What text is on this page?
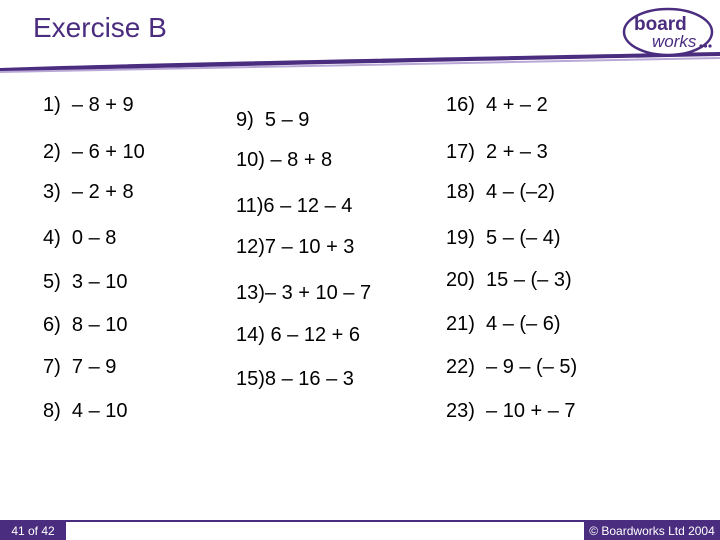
Exercise B	board
works
1)  – 8 + 9
2)  – 6 + 10
3)  – 2 + 8
4)  0 – 8
5)  3 – 10
6)  8 – 10
7)  7 – 9
8)  4 – 10
9)  5 – 9
10) – 8 + 8
11)6 – 12 – 4
12)7 – 10 + 3
13)– 3 + 10 – 7
14) 6 – 12 + 6
15)8 – 16 – 3
16)  4 + – 2
17)  2 + – 3
18)  4 – (–2)
19)  5 – (– 4)
20)  15 – (– 3)
21)  4 – (– 6)
22)  – 9 – (– 5)
23)  – 10 + – 7
41 of 42	© Boardworks Ltd 2004
